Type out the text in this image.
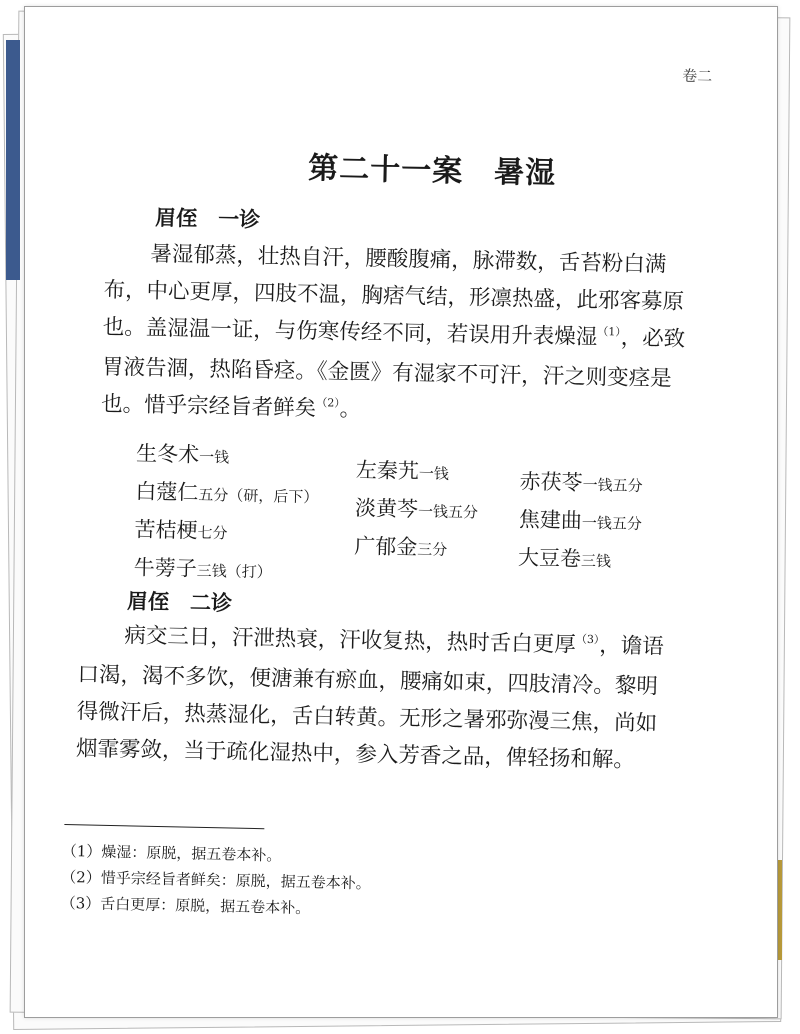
卷二
第二十一案　暑湿
眉侄　一诊
暑湿郁蒸，壮热自汗，腰酸腹痛，脉滞数，舌苔粉白满布，中心更厚，四肢不温，胸痞气结，形凛热盛，此邪客募原也。盖湿温一证，与伤寒传经不同，若误用升表燥湿$^{(1)}$，必致胃液告涸，热陷昏痉。《金匮》有湿家不可汗，汗之则变痉是也。惜乎宗经旨者鲜矣$^{(2)}$。
生冬术一钱
白蔻仁五分（研，后下）
苦桔梗七分
牛蒡子三钱（打）
左秦艽一钱
淡黄芩一钱五分
广郁金三分
赤茯苓一钱五分
焦建曲一钱五分
大豆卷三钱
眉侄　二诊
病交三日，汗泄热衰，汗收复热，热时舌白更厚$^{(3)}$，谵语口渴，渴不多饮，便溏兼有瘀血，腰痛如束，四肢清冷。黎明得微汗后，热蒸湿化，舌白转黄。无形之暑邪弥漫三焦，尚如烟霏雾敛，当于疏化湿热中，参入芳香之品，俾轻扬和解。
（1）燥湿：原脱，据五卷本补。
（2）惜乎宗经旨者鲜矣：原脱，据五卷本补。
（3）舌白更厚：原脱，据五卷本补。
